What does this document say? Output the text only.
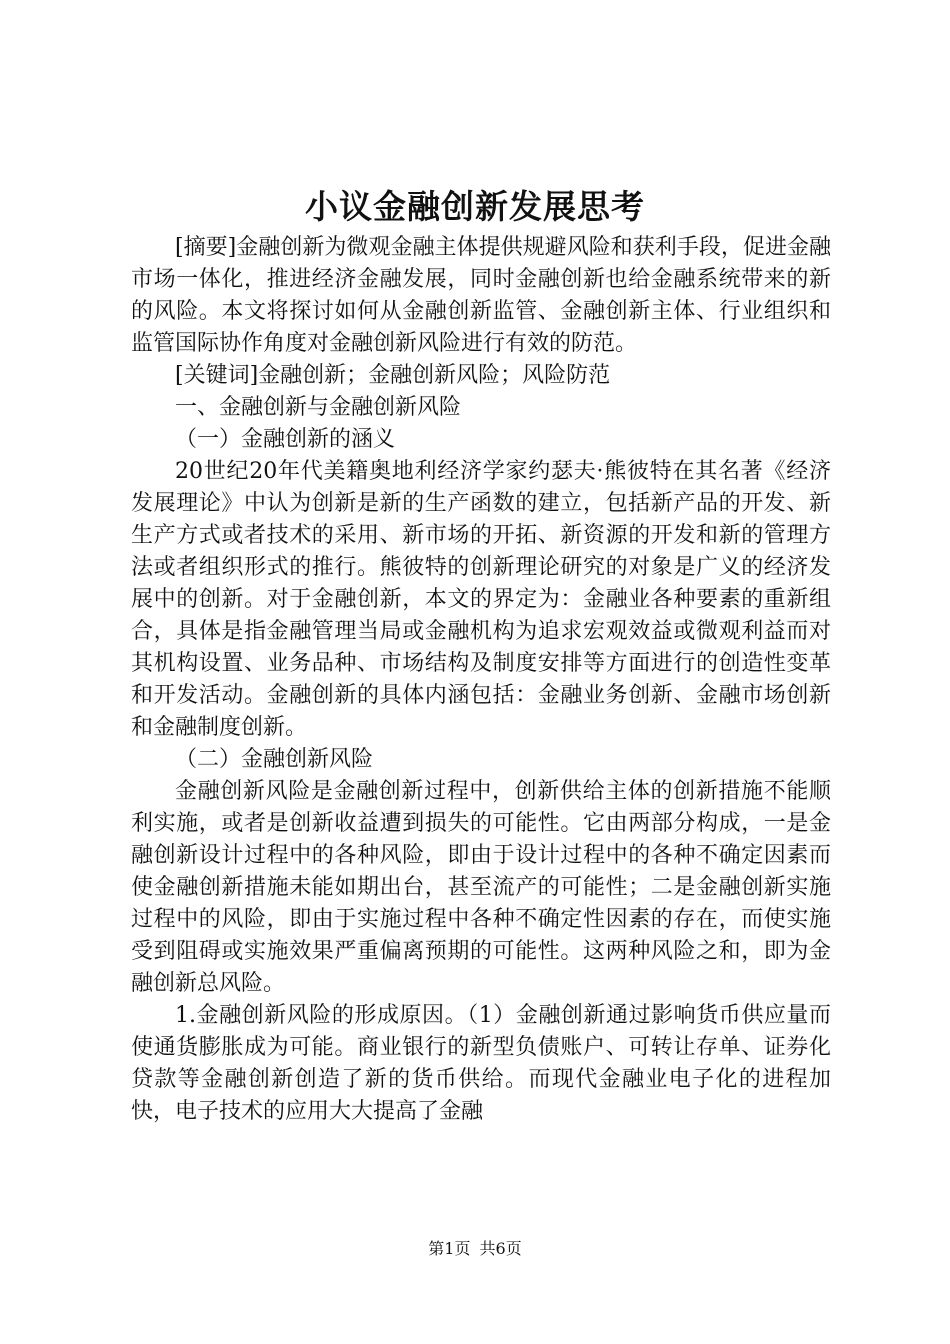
小议金融创新发展思考

[摘要]金融创新为微观金融主体提供规避风险和获利手段，促进金融市场一体化，推进经济金融发展，同时金融创新也给金融系统带来的新的风险。本文将探讨如何从金融创新监管、金融创新主体、行业组织和监管国际协作角度对金融创新风险进行有效的防范。

[关键词]金融创新；金融创新风险；风险防范

一、金融创新与金融创新风险

（一）金融创新的涵义

20世纪20年代美籍奥地利经济学家约瑟夫·熊彼特在其名著《经济发展理论》中认为创新是新的生产函数的建立，包括新产品的开发、新生产方式或者技术的采用、新市场的开拓、新资源的开发和新的管理方法或者组织形式的推行。熊彼特的创新理论研究的对象是广义的经济发展中的创新。对于金融创新，本文的界定为：金融业各种要素的重新组合，具体是指金融管理当局或金融机构为追求宏观效益或微观利益而对其机构设置、业务品种、市场结构及制度安排等方面进行的创造性变革和开发活动。金融创新的具体内涵包括：金融业务创新、金融市场创新和金融制度创新。

（二）金融创新风险

金融创新风险是金融创新过程中，创新供给主体的创新措施不能顺利实施，或者是创新收益遭到损失的可能性。它由两部分构成，一是金融创新设计过程中的各种风险，即由于设计过程中的各种不确定因素而使金融创新措施未能如期出台，甚至流产的可能性；二是金融创新实施过程中的风险，即由于实施过程中各种不确定性因素的存在，而使实施受到阻碍或实施效果严重偏离预期的可能性。这两种风险之和，即为金融创新总风险。

1.金融创新风险的形成原因。（1）金融创新通过影响货币供应量而使通货膨胀成为可能。商业银行的新型负债账户、可转让存单、证券化贷款等金融创新创造了新的货币供给。而现代金融业电子化的进程加快，电子技术的应用大大提高了金融

第1页 共6页
